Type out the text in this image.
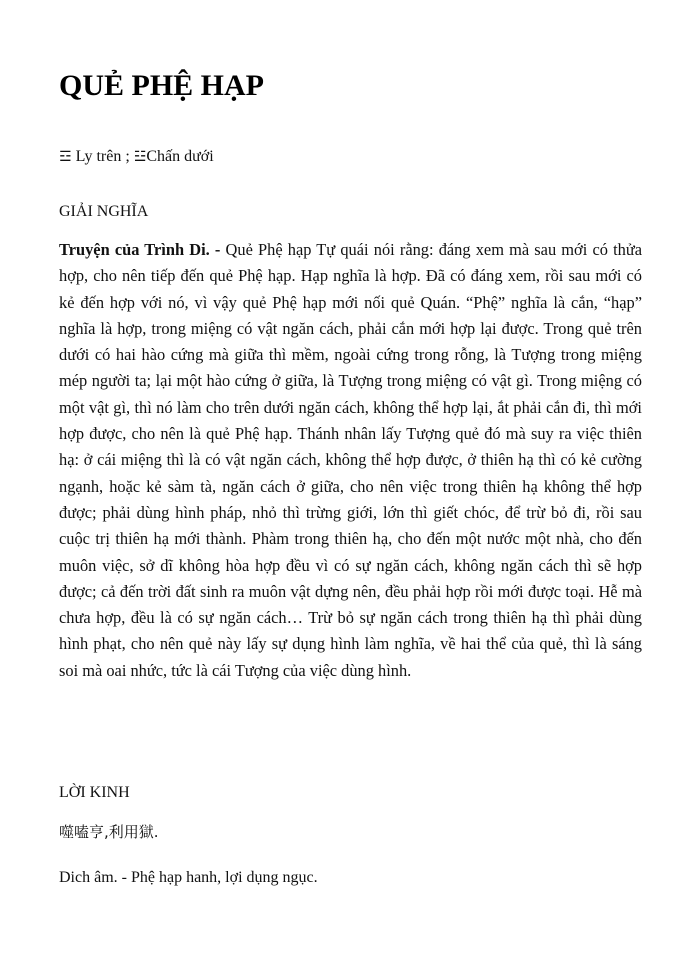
QUẺ PHỆ HẠP
☲ Ly trên ; ☳Chấn dưới
GIẢI NGHĨA

Truyện của Trình Di. - Quẻ Phệ hạp Tự quái nói rằng: đáng xem mà sau mới có thửa hợp, cho nên tiếp đến quẻ Phệ hạp. Hạp nghĩa là hợp. Đã có đáng xem, rồi sau mới có kẻ đến hợp với nó, vì vậy quẻ Phệ hạp mới nối quẻ Quán. “Phệ” nghĩa là cắn, “hạp” nghĩa là hợp, trong miệng có vật ngăn cách, phải cắn mới hợp lại được. Trong quẻ trên dưới có hai hào cứng mà giữa thì mềm, ngoài cứng trong rỗng, là Tượng trong miệng mép người ta; lại một hào cứng ở giữa, là Tượng trong miệng có vật gì. Trong miệng có một vật gì, thì nó làm cho trên dưới ngăn cách, không thể hợp lại, ắt phải cắn đi, thì mới hợp được, cho nên là quẻ Phệ hạp. Thánh nhân lấy Tượng quẻ đó mà suy ra việc thiên hạ: ở cái miệng thì là có vật ngăn cách, không thể hợp được, ở thiên hạ thì có kẻ cường ngạnh, hoặc kẻ sàm tà, ngăn cách ở giữa, cho nên việc trong thiên hạ không thể hợp được; phải dùng hình pháp, nhỏ thì trừng giới, lớn thì giết chóc, để trừ bỏ đi, rồi sau cuộc trị thiên hạ mới thành. Phàm trong thiên hạ, cho đến một nước một nhà, cho đến muôn việc, sở dĩ không hòa hợp đều vì có sự ngăn cách, không ngăn cách thì sẽ hợp được; cả đến trời đất sinh ra muôn vật dựng nên, đều phải hợp rồi mới được toại. Hễ mà chưa hợp, đều là có sự ngăn cách… Trừ bỏ sự ngăn cách trong thiên hạ thì phải dùng hình phạt, cho nên quẻ này lấy sự dụng hình làm nghĩa, về hai thể của quẻ, thì là sáng soi mà oai nhức, tức là cái Tượng của việc dùng hình.

LỜI KINH
噬嗑亨,利用獄.
Dich âm. - Phệ hạp hanh, lợi dụng ngục.
